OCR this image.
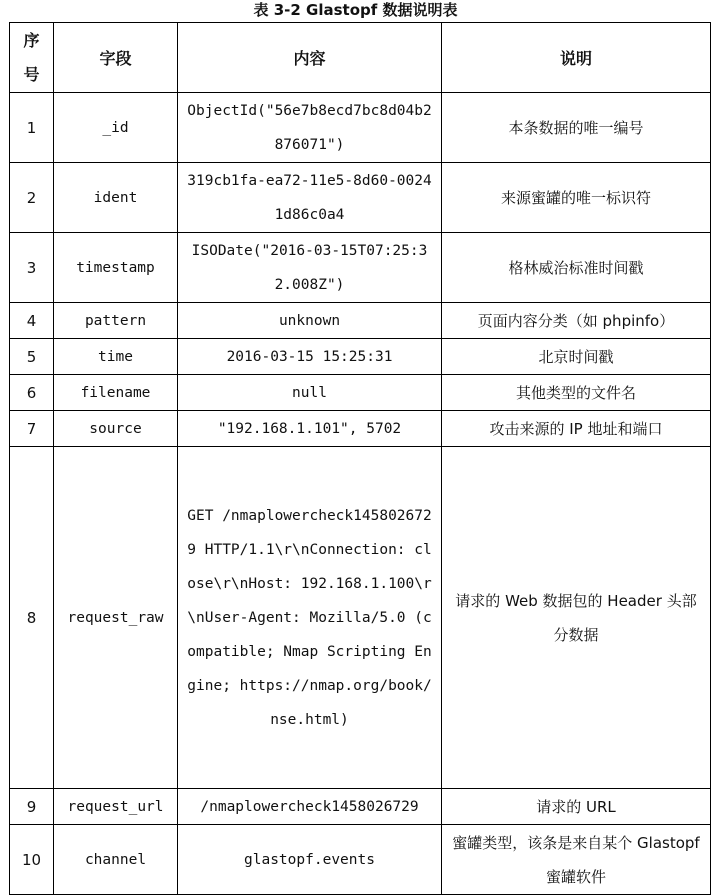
表 3-2 Glastopf 数据说明表
序
号	字段	内容	说明
1	_id	ObjectId("56e7b8ecd7bc8d04b2876071")	本条数据的唯一编号
2	ident	319cb1fa-ea72-11e5-8d60-00241d86c0a4	来源蜜罐的唯一标识符
3	timestamp	ISODate("2016-03-15T07:25:32.008Z")	格林威治标准时间戳
4	pattern	unknown	页面内容分类（如 phpinfo）
5	time	2016-03-15 15:25:31	北京时间戳
6	filename	null	其他类型的文件名
7	source	"192.168.1.101", 5702	攻击来源的 IP 地址和端口
8	request_raw	GET /nmaplowercheck1458026729 HTTP/1.1\r\nConnection: close\r\nHost: 192.168.1.100\r\nUser-Agent: Mozilla/5.0 (compatible; Nmap Scripting Engine; https://nmap.org/book/nse.html)	请求的 Web 数据包的 Header 头部分数据
9	request_url	/nmaplowercheck1458026729	请求的 URL
10	channel	glastopf.events	蜜罐类型，该条是来自某个 Glastopf 蜜罐软件
